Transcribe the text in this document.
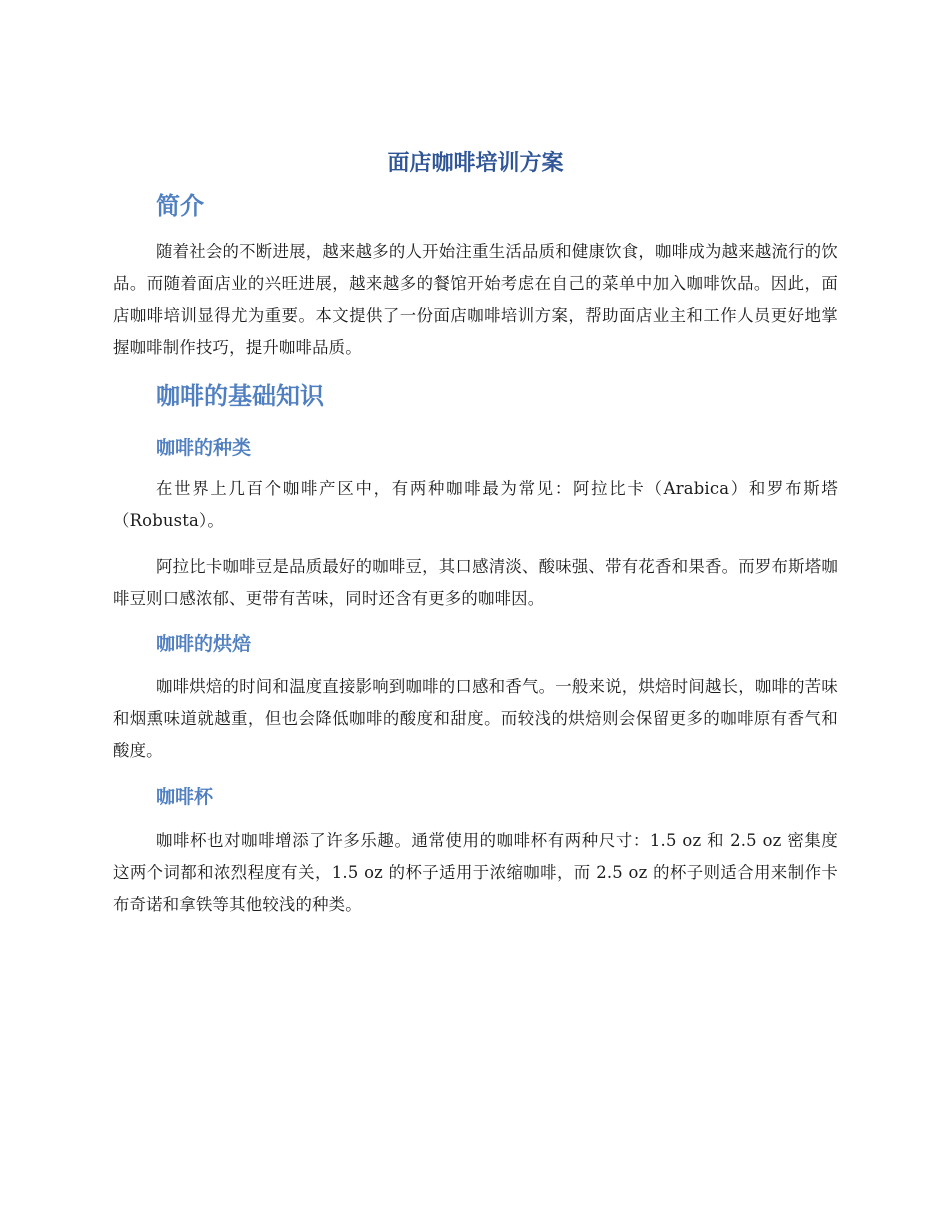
面店咖啡培训方案
简介

随着社会的不断进展，越来越多的人开始注重生活品质和健康饮食，咖啡成为越来越流行的饮品。而随着面店业的兴旺进展，越来越多的餐馆开始考虑在自己的菜单中加入咖啡饮品。因此，面店咖啡培训显得尤为重要。本文提供了一份面店咖啡培训方案，帮助面店业主和工作人员更好地掌握咖啡制作技巧，提升咖啡品质。

咖啡的基础知识
咖啡的种类

在世界上几百个咖啡产区中，有两种咖啡最为常见：阿拉比卡（Arabica）和罗布斯塔（Robusta）。

阿拉比卡咖啡豆是品质最好的咖啡豆，其口感清淡、酸味强、带有花香和果香。而罗布斯塔咖啡豆则口感浓郁、更带有苦味，同时还含有更多的咖啡因。

咖啡的烘焙

咖啡烘焙的时间和温度直接影响到咖啡的口感和香气。一般来说，烘焙时间越长，咖啡的苦味和烟熏味道就越重，但也会降低咖啡的酸度和甜度。而较浅的烘焙则会保留更多的咖啡原有香气和酸度。

咖啡杯

咖啡杯也对咖啡增添了许多乐趣。通常使用的咖啡杯有两种尺寸：1.5 oz 和 2.5 oz 密集度这两个词都和浓烈程度有关，1.5 oz 的杯子适用于浓缩咖啡，而 2.5 oz 的杯子则适合用来制作卡布奇诺和拿铁等其他较浅的种类。
